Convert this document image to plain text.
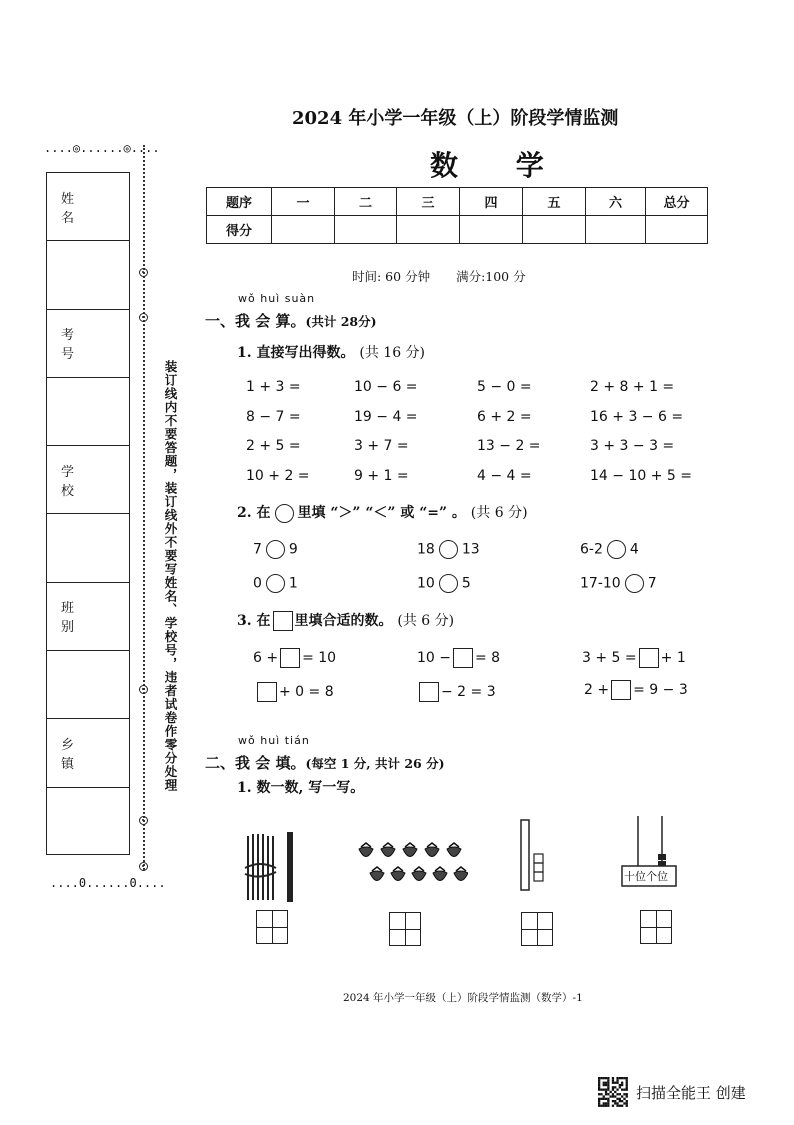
....◎......◎....
姓 名
考 号
学 校
班 别
乡 镇
....0......0....
装订线内不要答题，装订线外不要写姓名、学校号，违者试卷作零分处理
2024 年小学一年级（上）阶段学情监测
数 学
题序	一	二	三	四	五	六	总分
得分							
时间: 60 分钟 满分:100 分
wǒ huì suàn
一、我 会 算。(共计 28分)
1. 直接写出得数。 (共 16 分)
1 + 3 =	10 − 6 =	5 − 0 =	2 + 8 + 1 =
8 − 7 =	19 − 4 =	6 + 2 =	16 + 3 − 6 =
2 + 5 =	3 + 7 =	13 − 2 =	3 + 3 − 3 =
10 + 2 =	9 + 1 =	4 − 4 =	14 − 10 + 5 =
2. 在 里填 “＞” “＜” 或 “=” 。 (共 6 分)
7 9	18 13	6-2 4
0 1	10 5	17-10 7
3. 在 里填合适的数。 (共 6 分)
6 + = 10	10 − = 8	3 + 5 = + 1
+ 0 = 8	− 2 = 3	2 + = 9 − 3
wǒ huì tián
二、我 会 填。(每空 1 分, 共计 26 分)
1. 数一数, 写一写。
十位个位
2024 年小学一年级（上）阶段学情监测（数学）-1
扫描全能王 创建
